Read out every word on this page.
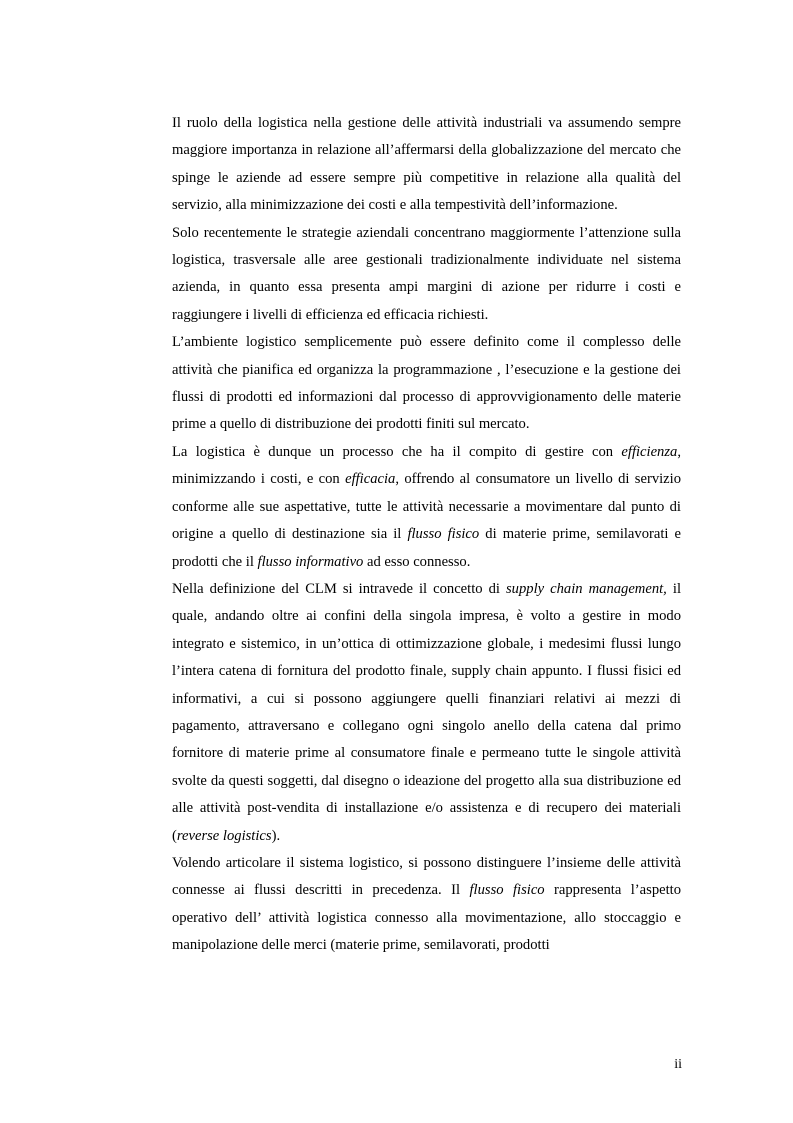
Il ruolo della logistica nella gestione delle attività industriali va assumendo sempre maggiore importanza in relazione all’affermarsi della globalizzazione del mercato che spinge le aziende ad essere sempre più competitive in relazione alla qualità del servizio, alla minimizzazione dei costi e alla tempestività dell’informazione.

Solo recentemente le strategie aziendali concentrano maggiormente l’attenzione sulla logistica, trasversale alle aree gestionali tradizionalmente individuate nel sistema azienda, in quanto essa presenta ampi margini di azione per ridurre i costi e raggiungere i livelli di efficienza ed efficacia richiesti.

L’ambiente logistico semplicemente può essere definito come il complesso delle attività che pianifica ed organizza la programmazione , l’esecuzione e la gestione dei flussi di prodotti ed informazioni dal processo di approvvigionamento delle materie prime a quello di distribuzione dei prodotti finiti sul mercato.

La logistica è dunque un processo che ha il compito di gestire con efficienza, minimizzando i costi, e con efficacia, offrendo al consumatore un livello di servizio conforme alle sue aspettative, tutte le attività necessarie a movimentare dal punto di origine a quello di destinazione sia il flusso fisico di materie prime, semilavorati e prodotti che il flusso informativo ad esso connesso.

Nella definizione del CLM si intravede il concetto di supply chain management, il quale, andando oltre ai confini della singola impresa, è volto a gestire in modo integrato e sistemico, in un’ottica di ottimizzazione globale, i medesimi flussi lungo l’intera catena di fornitura del prodotto finale, supply chain appunto. I flussi fisici ed informativi, a cui si possono aggiungere quelli finanziari relativi ai mezzi di pagamento, attraversano e collegano ogni singolo anello della catena dal primo fornitore di materie prime al consumatore finale e permeano tutte le singole attività svolte da questi soggetti, dal disegno o ideazione del progetto alla sua distribuzione ed alle attività post-vendita di installazione e/o assistenza e di recupero dei materiali (reverse logistics).

Volendo articolare il sistema logistico, si possono distinguere l’insieme delle attività connesse ai flussi descritti in precedenza. Il flusso fisico rappresenta l’aspetto operativo dell’ attività logistica connesso alla movimentazione, allo stoccaggio e manipolazione delle merci (materie prime, semilavorati, prodotti

ii
